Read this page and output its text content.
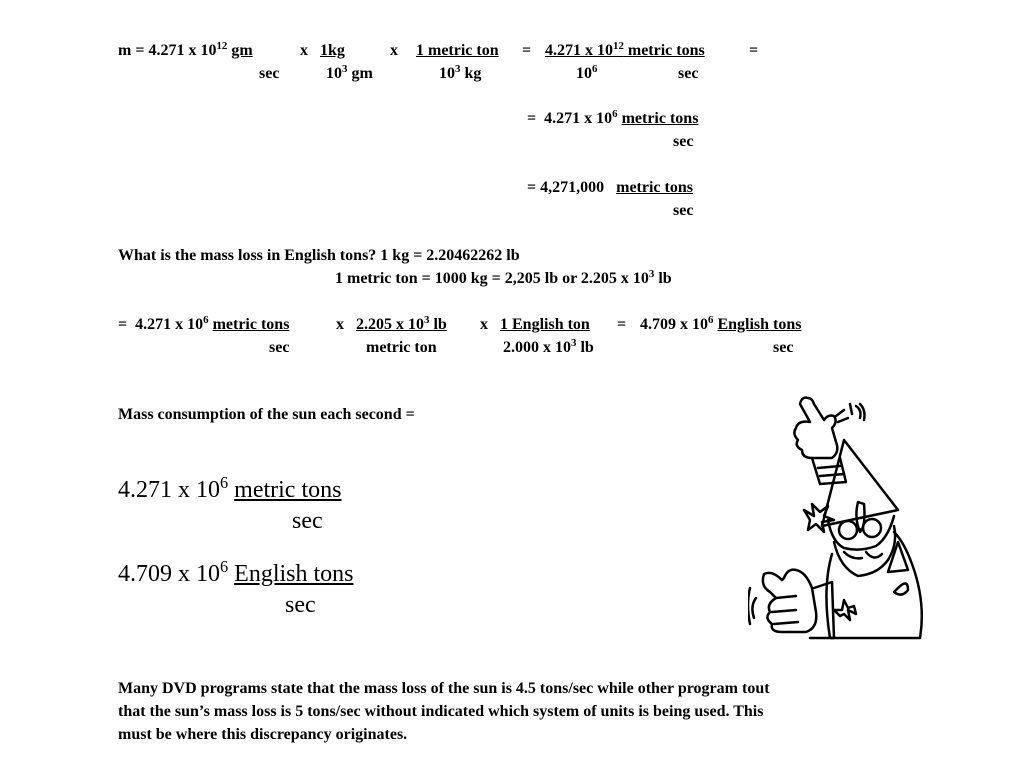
m = 4.271 x $10^{12}$ gm	x 1kg	x 1 metric ton = 4.271 x $10^{12}$ metric tons	=
sec	$10^3$ gm	$10^3$ kg	$10^6$	sec
= 4.271 x $10^6$ metric tons
sec
= 4,271,000 metric tons
sec
What is the mass loss in English tons? 1 kg = 2.20462262 lb
1 metric ton = 1000 kg = 2,205 lb or 2.205 x $10^3$ lb
= 4.271 x $10^6$ metric tons	x 2.205 x $10^3$ lb x 1 English ton = 4.709 x $10^6$ English tons
sec	metric ton	2.000 x $10^3$ lb	sec
Mass consumption of the sun each second =
4.271 x $10^6$ metric tons
sec
4.709 x $10^6$ English tons
sec
Many DVD programs state that the mass loss of the sun is 4.5 tons/sec while other program tout
that the sun’s mass loss is 5 tons/sec without indicated which system of units is being used. This
must be where this discrepancy originates.
